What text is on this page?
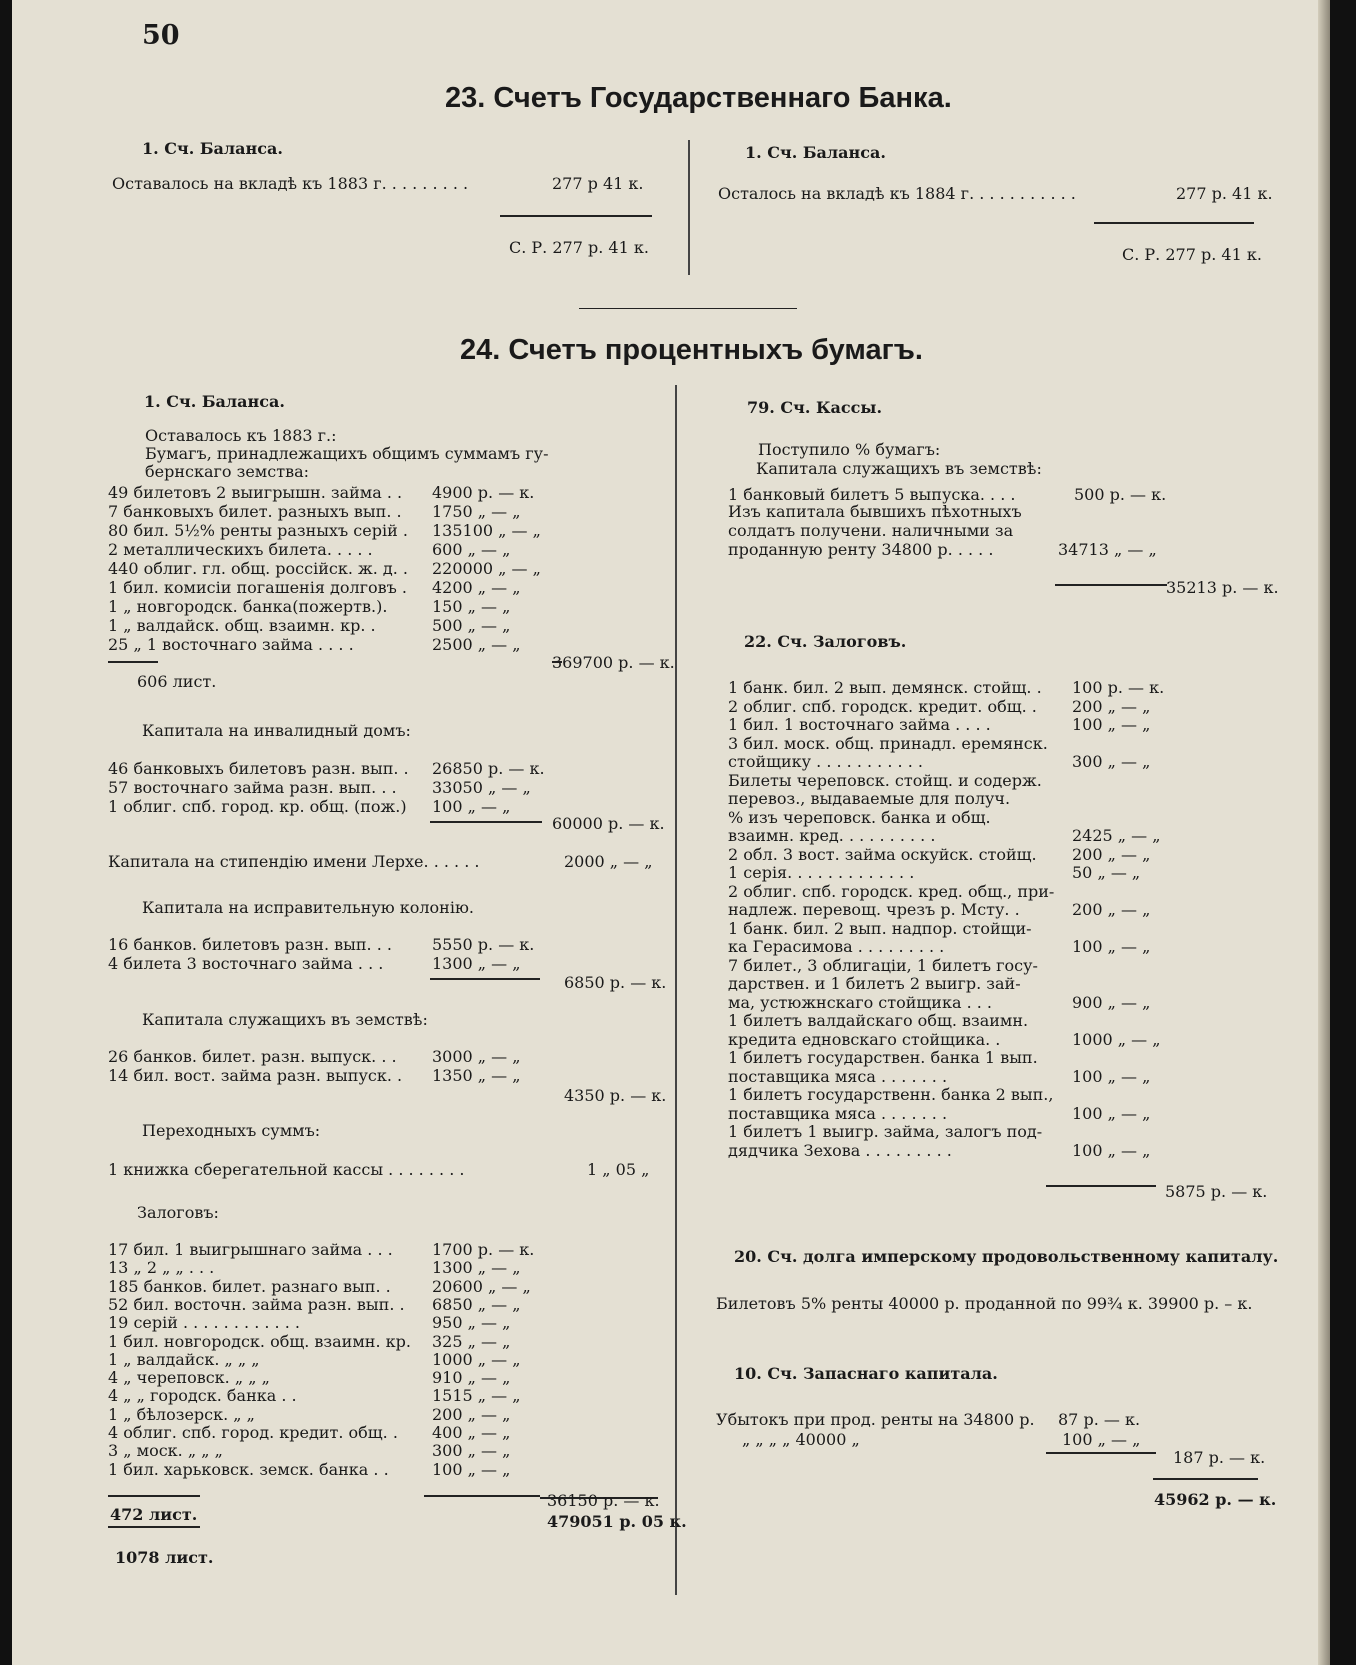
50
23. Счетъ Государственнаго Банка.
1. Сч. Баланса.
Оставалось на вкладѣ къ 1883 г. . . . . . . . .	277 р 41 к.
С. Р. 277 р. 41 к.
1. Сч. Баланса.
Осталось на вкладѣ къ 1884 г. . . . . . . . . . .	277 р. 41 к.
С. Р. 277 р. 41 к.
24. Счетъ процентныхъ бумагъ.
1. Сч. Баланса.
Оставалось къ 1883 г.:
Бумагъ, принадлежащихъ общимъ суммамъ гу-
бернскаго земства:
49 билетовъ 2 выигрышн. займа . . 4900 р. — к.
7 банковыхъ билет. разныхъ вып. . 1750 „ — „
80 бил. 5½% ренты разныхъ серій . 135100 „ — „
2 металлическихъ билета. . . . .	600 „ — „
440 облиг. гл. общ. россійск. ж. д. . 220000 „ — „
1 бил. комисіи погашенія долговъ . 4200 „ — „
1 „ новгородск. банка(пожертв.).	150 „ — „
1 „ валдайск. общ. взаимн. кр. .	500 „ — „
25 „ 1 восточнаго займа . . . .	2500 „ — „
369700 р. — к.
606 лист.
Капитала на инвалидный домъ:
46 банковыхъ билетовъ разн. вып. . 26850 р. — к.
57 восточнаго займа разн. вып. . . 33050 „ — „
1 облиг. спб. город. кр. общ. (пож.) 100 „ — „
60000 р. — к.
Капитала на стипендію имени Лерхе. . . . . .	2000 „ — „
Капитала на исправительную колонію.
16 банков. билетовъ разн. вып. . .	5550 р. — к.
4 билета 3 восточнаго займа . . .	1300 „ — „
6850 р. — к.
Капитала служащихъ въ земствѣ:
26 банков. билет. разн. выпуск. . . 3000 „ — „
14 бил. вост. займа разн. выпуск. . 1350 „ — „
4350 р. — к.
Переходныхъ суммъ:
1 книжка сберегательной кассы . . . . . . . .	1 „ 05 „
Залоговъ:
17 бил. 1 выигрышнаго займа . . . 1700 р. — к.
13 „ 2 „ „ . . .	1300 „ — „
185 банков. билет. разнаго вып. .	20600 „ — „
52 бил. восточн. займа разн. вып. . 6850 „ — „
19 серій . . . . . . . . . . . .	950 „ — „
1 бил. новгородск. общ. взаимн. кр. 325 „ — „
1 „ валдайск. „ „ „	1000 „ — „
4 „ череповск. „ „ „	910 „ — „
4 „ „ городск. банка . .	1515 „ — „
1 „ бѣлозерск. „ „	200 „ — „
4 облиг. спб. город. кредит. общ. . 400 „ — „
3 „ моск. „ „ „	300 „ — „
1 бил. харьковск. земск. банка . .	100 „ — „
36150 р. — к.
472 лист.	479051 р. 05 к.
1078 лист.
79. Сч. Кассы.
Поступило % бумагъ:
Капитала служащихъ въ земствѣ:
1 банковый билетъ 5 выпуска. . . .	500 р. — к.
Изъ капитала бывшихъ пѣхотныхъ
солдатъ получени. наличными за
проданную ренту 34800 р. . . . .	34713 „ — „
35213 р. — к.
22. Сч. Залоговъ.
1 банк. бил. 2 вып. демянск. стойщ. . 100 р. — к.
2 облиг. спб. городск. кредит. общ. . 200 „ — „
1 бил. 1 восточнаго займа . . . .	100 „ — „
3 бил. моск. общ. принадл. еремянск.
стойщику . . . . . . . . . . .	300 „ — „
Билеты череповск. стойщ. и содерж.
перевоз., выдаваемые для получ.
% изъ череповск. банка и общ.
взаимн. кред. . . . . . . . . .	2425 „ — „
2 обл. 3 вост. займа оскуйск. стойщ. 200 „ — „
1 серія. . . . . . . . . . . . .	50 „ — „
2 облиг. спб. городск. кред. общ., при-
надлеж. перевощ. чрезъ р. Мсту. .	200 „ — „
1 банк. бил. 2 вып. надпор. стойщи-
ка Герасимова . . . . . . . . .	100 „ — „
7 билет., 3 облигаціи, 1 билетъ госу-
дарствен. и 1 билетъ 2 выигр. зай-
ма, устюжнскаго стойщика . . .	900 „ — „
1 билетъ валдайскаго общ. взаимн.
кредита едновскаго стойщика. .	1000 „ — „
1 билетъ государствен. банка 1 вып.
поставщика мяса . . . . . . .	100 „ — „
1 билетъ государственн. банка 2 вып.,
поставщика мяса . . . . . . .	100 „ — „
1 билетъ 1 выигр. займа, залогъ под-
дядчика Зехова . . . . . . . . .	100 „ — „
5875 р. — к.
20. Сч. долга имперскому продовольственному капиталу.
Билетовъ 5% ренты 40000 р. проданной по 99¾ к. 39900 р. – к.
10. Сч. Запаснаго капитала.
Убытокъ при прод. ренты на 34800 р. 87 р. — к.
„ „ „ „ 40000 „	100 „ — „
187 р. — к.
45962 р. — к.
